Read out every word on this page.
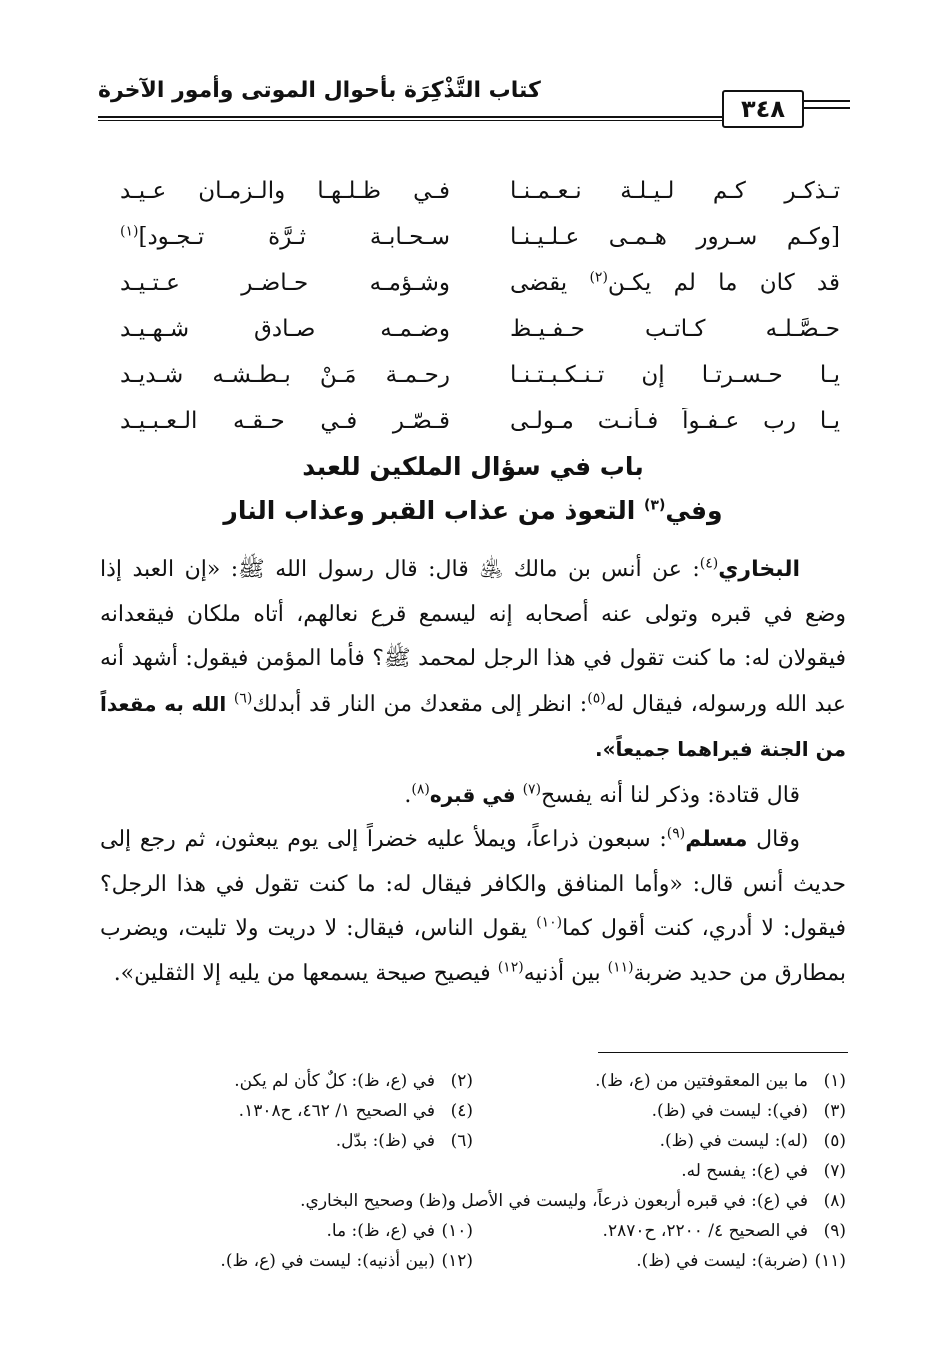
كتاب التَّذْكِرَة بأحوال الموتى وأمور الآخرة
٣٤٨
تـذكـر كـم لـيـلـة نـعـمـنـا
فـي ظـلـهـا والـزمـان عـيـد
[وكـم سـرور هـمـى عـلـيـنـا
سـحـابـة ثـرَّة تـجـود]$^{(١)}$
قد كان ما لم يكـن$^{(٢)}$ يقضى
وشـؤمـه حـاضـر عـتـيـد
حـصَّـلـه كـاتـب حـفـيـظ
وضـمـه صـادق شـهـيـد
يـا حـسـرتـا إن تـنـكـبـتـنـا
رحـمـة مَـنْ بـطـشـه شـديـد
يـا رب عـفـواً فـأنـت مـولـى
قـصّـر فـي حـقـه الـعـبـيـد
باب في سؤال الملكين للعبد
وفي$^{(٣)}$ التعوذ من عذاب القبر وعذاب النار

البخاري$^{(٤)}$: عن أنس بن مالك ﵁ قال: قال رسول الله ﷺ: «إن العبد إذا وضع في قبره وتولى عنه أصحابه إنه ليسمع قرع نعالهم، أتاه ملكان فيقعدانه فيقولان له: ما كنت تقول في هذا الرجل لمحمد ﷺ؟ فأما المؤمن فيقول: أشهد أنه عبد الله ورسوله، فيقال له$^{(٥)}$: انظر إلى مقعدك من النار قد أبدلك$^{(٦)}$ الله به مقعداً من الجنة فيراهما جميعاً».

قال قتادة: وذكر لنا أنه يفسح$^{(٧)}$ في قبره$^{(٨)}$.

وقال مسلم$^{(٩)}$: سبعون ذراعاً، ويملأ عليه خضراً إلى يوم يبعثون، ثم رجع إلى حديث أنس قال: «وأما المنافق والكافر فيقال له: ما كنت تقول في هذا الرجل؟ فيقول: لا أدري، كنت أقول كما$^{(١٠)}$ يقول الناس، فيقال: لا دريت ولا تليت، ويضرب بمطارق من حديد ضربة$^{(١١)}$ بين أذنيه$^{(١٢)}$ فيصيح صيحة يسمعها من يليه إلا الثقلين».

(١)ما بين المعقوفتين من (ع، ظ).
(٢)في (ع، ظ): كلٌ كأن لم يكن.
(٣)(في): ليست في (ظ).
(٤)في الصحيح ١/ ٤٦٢، ح١٣٠٨.
(٥)(له): ليست في (ظ).
(٦)في (ظ): بدّل.
(٧)في (ع): يفسح له.
(٨)في (ع): في قبره أربعون ذرعاً، وليست في الأصل و(ظ) وصحيح البخاري.
(٩)في الصحيح ٤/ ٢٢٠٠، ح٢٨٧٠.
(١٠)في (ع، ظ): ما.
(١١)(ضربة): ليست في (ظ).
(١٢)(بين أذنيه): ليست في (ع، ظ).
